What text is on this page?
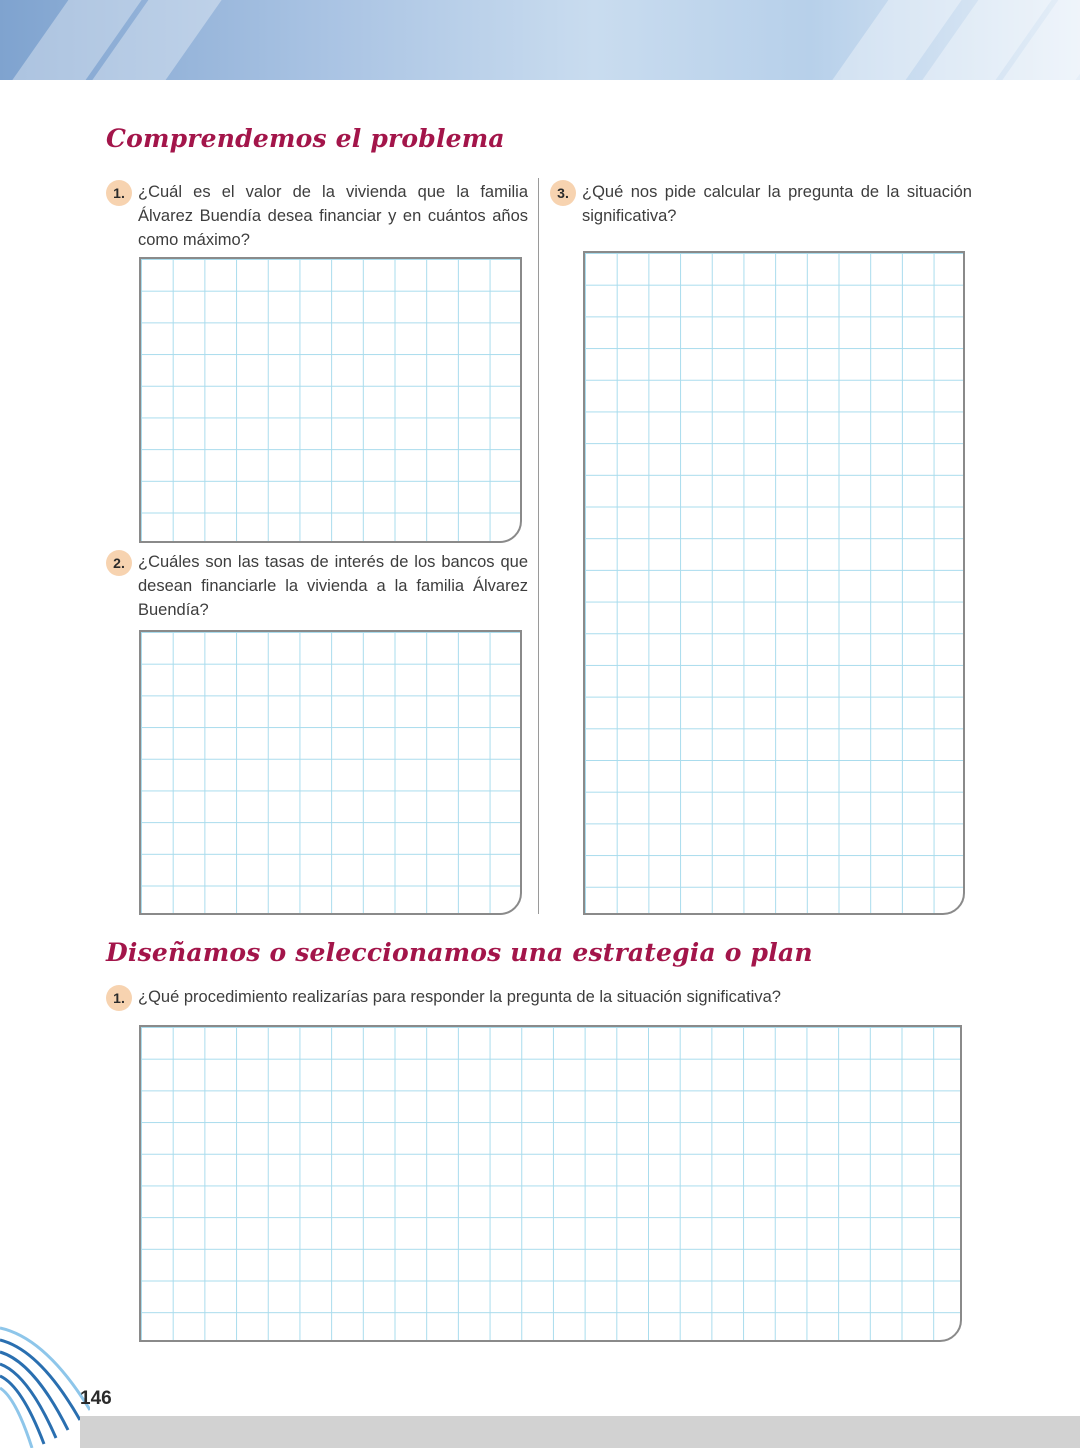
Comprendemos el problema
1. ¿Cuál es el valor de la vivienda que la familia Álvarez Buendía desea financiar y en cuántos años como máximo?
2. ¿Cuáles son las tasas de interés de los bancos que desean financiarle la vivienda a la familia Álvarez Buendía?
3. ¿Qué nos pide calcular la pregunta de la situación significativa?
Diseñamos o seleccionamos una estrategia o plan
1. ¿Qué procedimiento realizarías para responder la pregunta de la situación significativa?
146
